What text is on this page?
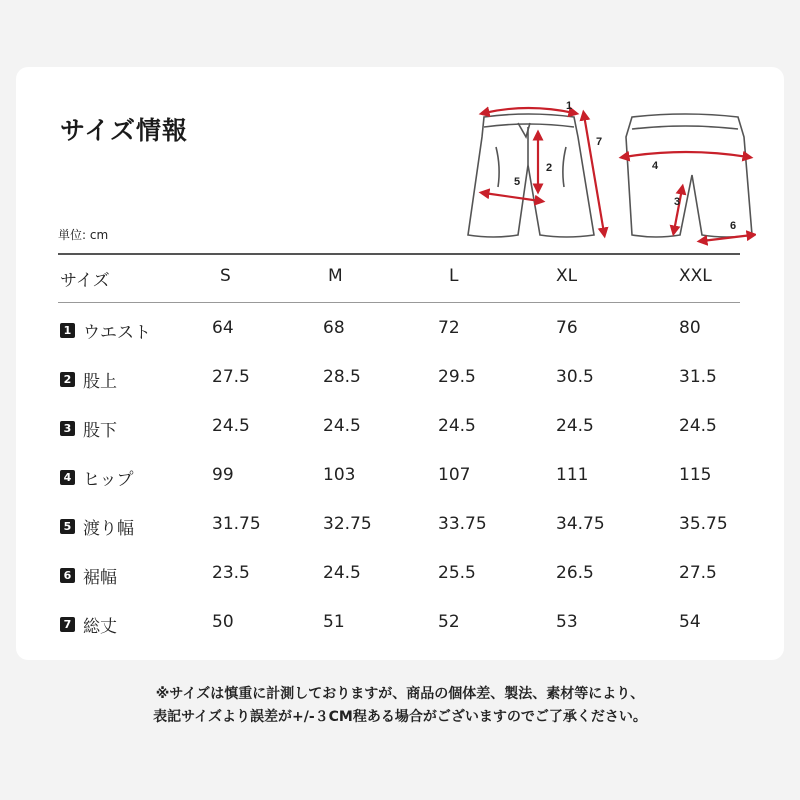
サイズ情報
単位: cm
1
2
3
4
5
6
7
サイズ	S	M	L	XL	XXL
1 ウエスト	64	68	72	76	80
2 股上	27.5	28.5	29.5	30.5	31.5
3 股下	24.5	24.5	24.5	24.5	24.5
4 ヒップ	99	103	107	111	115
5 渡り幅	31.75	32.75	33.75	34.75	35.75
6 裾幅	23.5	24.5	25.5	26.5	27.5
7 総丈	50	51	52	53	54
※サイズは慎重に計測しておりますが、商品の個体差、製法、素材等により、
表記サイズより誤差が+/-３CM程ある場合がございますのでご了承ください。
